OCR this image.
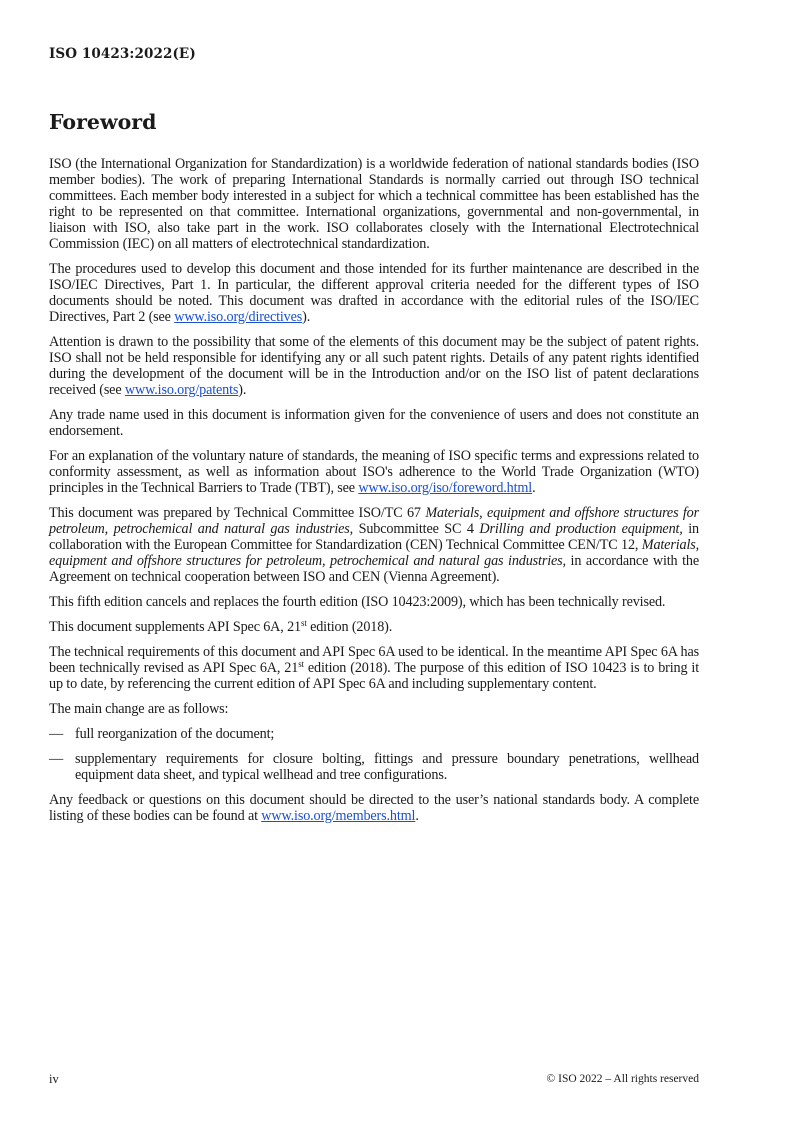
ISO 10423:2022(E)
Foreword

ISO (the International Organization for Standardization) is a worldwide federation of national standards bodies (ISO member bodies). The work of preparing International Standards is normally carried out through ISO technical committees. Each member body interested in a subject for which a technical committee has been established has the right to be represented on that committee. International organizations, governmental and non-governmental, in liaison with ISO, also take part in the work. ISO collaborates closely with the International Electrotechnical Commission (IEC) on all matters of electrotechnical standardization.

The procedures used to develop this document and those intended for its further maintenance are described in the ISO/IEC Directives, Part 1. In particular, the different approval criteria needed for the different types of ISO documents should be noted. This document was drafted in accordance with the editorial rules of the ISO/IEC Directives, Part 2 (see www.iso.org/directives).

Attention is drawn to the possibility that some of the elements of this document may be the subject of patent rights. ISO shall not be held responsible for identifying any or all such patent rights. Details of any patent rights identified during the development of the document will be in the Introduction and/or on the ISO list of patent declarations received (see www.iso.org/patents).

Any trade name used in this document is information given for the convenience of users and does not constitute an endorsement.

For an explanation of the voluntary nature of standards, the meaning of ISO specific terms and expressions related to conformity assessment, as well as information about ISO's adherence to the World Trade Organization (WTO) principles in the Technical Barriers to Trade (TBT), see www.iso.org/iso/foreword.html.

This document was prepared by Technical Committee ISO/TC 67 Materials, equipment and offshore structures for petroleum, petrochemical and natural gas industries, Subcommittee SC 4 Drilling and production equipment, in collaboration with the European Committee for Standardization (CEN) Technical Committee CEN/TC 12, Materials, equipment and offshore structures for petroleum, petrochemical and natural gas industries, in accordance with the Agreement on technical cooperation between ISO and CEN (Vienna Agreement).

This fifth edition cancels and replaces the fourth edition (ISO 10423:2009), which has been technically revised.

This document supplements API Spec 6A, 21st edition (2018).

The technical requirements of this document and API Spec 6A used to be identical. In the meantime API Spec 6A has been technically revised as API Spec 6A, 21st edition (2018). The purpose of this edition of ISO 10423 is to bring it up to date, by referencing the current edition of API Spec 6A and including supplementary content.

The main change are as follows:

— full reorganization of the document;
— supplementary requirements for closure bolting, fittings and pressure boundary penetrations, wellhead equipment data sheet, and typical wellhead and tree configurations.

Any feedback or questions on this document should be directed to the user’s national standards body. A complete listing of these bodies can be found at www.iso.org/members.html.

iv	© ISO 2022 – All rights reserved
